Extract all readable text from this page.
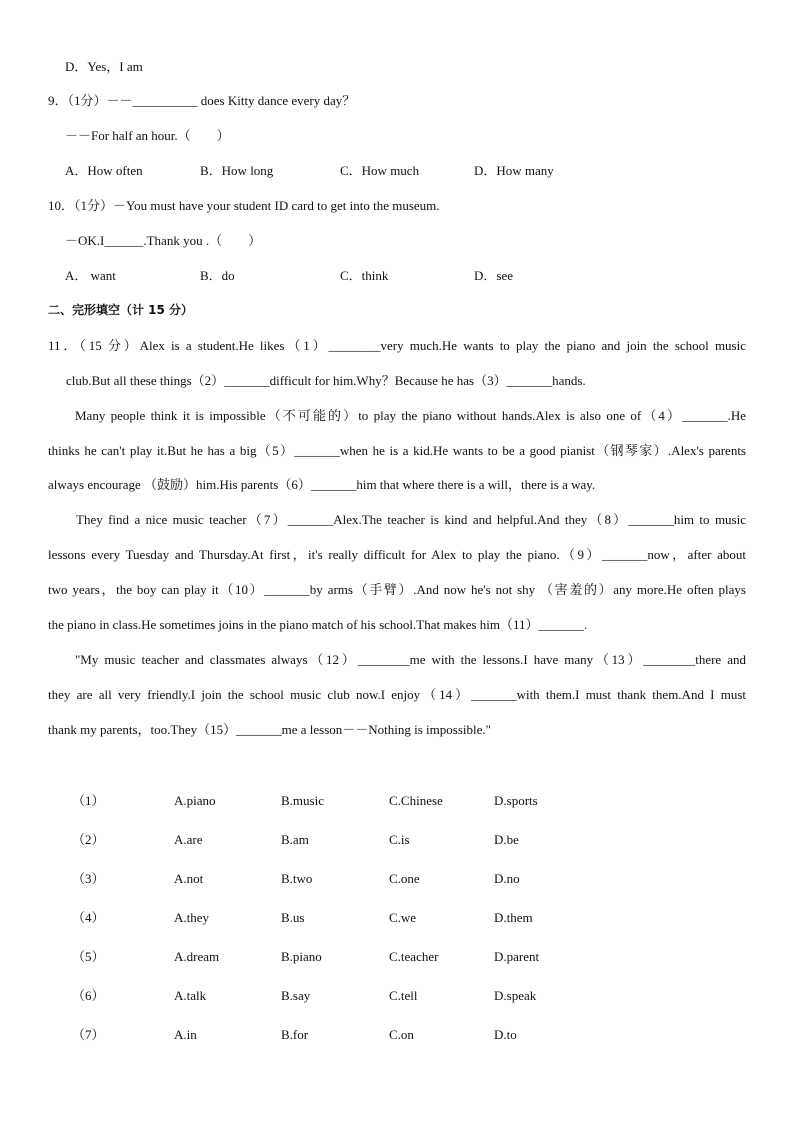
D．Yes，I am
9．（1分）－－__________ does Kitty dance every day？
－－For half an hour.（　　）
A．How often	B．How long	C．How much	D．How many
10．（1分）－You must have your student ID card to get into the museum.
－OK.I______.Thank you .（　　）
A． want	B．do	C．think	D．see
二、完形填空（计 15 分）
11．（15 分）Alex is a student.He likes（1）________very much.He wants to play the piano and join the school music
club.But all these things（2）_______difficult for him.Why？Because he has（3）_______hands.
Many people think it is impossible（不可能的）to play the piano without hands.Alex is also one of（4）_______.He
thinks he can't play it.But he has a big（5）_______when he is a kid.He wants to be a good pianist（钢琴家）.Alex's parents
always encourage （鼓励）him.His parents（6）_______him that where there is a will，there is a way.
They find a nice music teacher（7）_______Alex.The teacher is kind and helpful.And they（8）_______him to music
lessons every Tuesday and Thursday.At first，it's really difficult for Alex to play the piano.（9）_______now，after about
two years，the boy can play it（10）_______by arms（手臂）.And now he's not shy （害羞的）any more.He often plays
the piano in class.He sometimes joins in the piano match of his school.That makes him（11）_______.
"My music teacher and classmates always（12）________me with the lessons.I have many（13）________there and
they are all very friendly.I join the school music club now.I enjoy（14）_______with them.I must thank them.And I must
thank my parents，too.They（15）_______me a lesson－－Nothing is impossible."
（1）	A.piano	B.music	C.Chinese	D.sports
（2）	A.are	B.am	C.is	D.be
（3）	A.not	B.two	C.one	D.no
（4）	A.they	B.us	C.we	D.them
（5）	A.dream	B.piano	C.teacher	D.parent
（6）	A.talk	B.say	C.tell	D.speak
（7）	A.in	B.for	C.on	D.to
